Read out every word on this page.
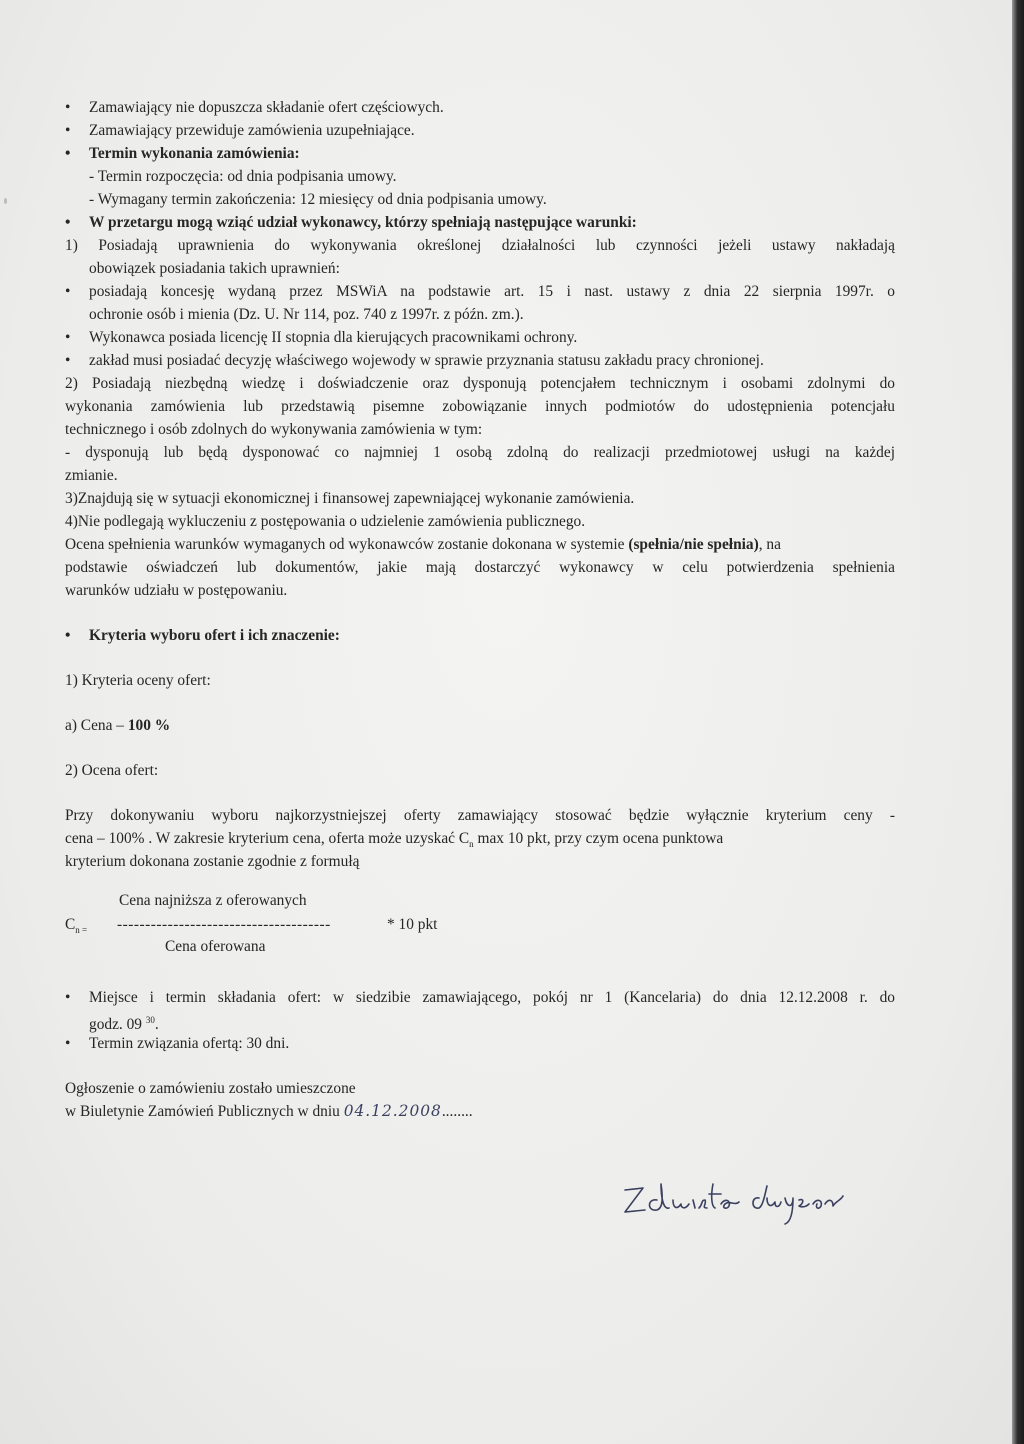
• Zamawiający nie dopuszcza składanie ofert częściowych.
• Zamawiający przewiduje zamówienia uzupełniające.
• Termin wykonania zamówienia:
- Termin rozpoczęcia: od dnia podpisania umowy.
- Wymagany termin zakończenia: 12 miesięcy od dnia podpisania umowy.
• W przetargu mogą wziąć udział wykonawcy, którzy spełniają następujące warunki:
1) Posiadają uprawnienia do wykonywania określonej działalności lub czynności jeżeli ustawy nakładają
obowiązek posiadania takich uprawnień:
• posiadają koncesję wydaną przez MSWiA na podstawie art. 15 i nast. ustawy z dnia 22 sierpnia 1997r. o
ochronie osób i mienia (Dz. U. Nr 114, poz. 740 z 1997r. z późn. zm.).
• Wykonawca posiada licencję II stopnia dla kierujących pracownikami ochrony.
• zakład musi posiadać decyzję właściwego wojewody w sprawie przyznania statusu zakładu pracy chronionej.
2) Posiadają niezbędną wiedzę i doświadczenie oraz dysponują potencjałem technicznym i osobami zdolnymi do
wykonania zamówienia lub przedstawią pisemne zobowiązanie innych podmiotów do udostępnienia potencjału
technicznego i osób zdolnych do wykonywania zamówienia w tym:
- dysponują lub będą dysponować co najmniej 1 osobą zdolną do realizacji przedmiotowej usługi na każdej
zmianie.
3)Znajdują się w sytuacji ekonomicznej i finansowej zapewniającej wykonanie zamówienia.
4)Nie podlegają wykluczeniu z postępowania o udzielenie zamówienia publicznego.
Ocena spełnienia warunków wymaganych od wykonawców zostanie dokonana w systemie (spełnia/nie spełnia), na
podstawie oświadczeń lub dokumentów, jakie mają dostarczyć wykonawcy w celu potwierdzenia spełnienia
warunków udziału w postępowaniu.
• Kryteria wyboru ofert i ich znaczenie:
1) Kryteria oceny ofert:
a) Cena – 100 %
2) Ocena ofert:
Przy dokonywaniu wyboru najkorzystniejszej oferty zamawiający stosować będzie wyłącznie kryterium ceny -
cena – 100% . W zakresie kryterium cena, oferta może uzyskać $C_n$ max 10 pkt, przy czym ocena punktowa
kryterium dokonana zostanie zgodnie z formułą
Cena najniższa z oferowanych
$C_{n =}$ --------------------------------------	* 10 pkt
Cena oferowana
• Miejsce i termin składania ofert: w siedzibie zamawiającego, pokój nr 1 (Kancelaria) do dnia 12.12.2008 r. do
godz. 09 $^{30}$.
• Termin związania ofertą: 30 dni.
Ogłoszenie o zamówieniu zostało umieszczone
w Biuletynie Zamówień Publicznych w dniu 04.12.2008........
